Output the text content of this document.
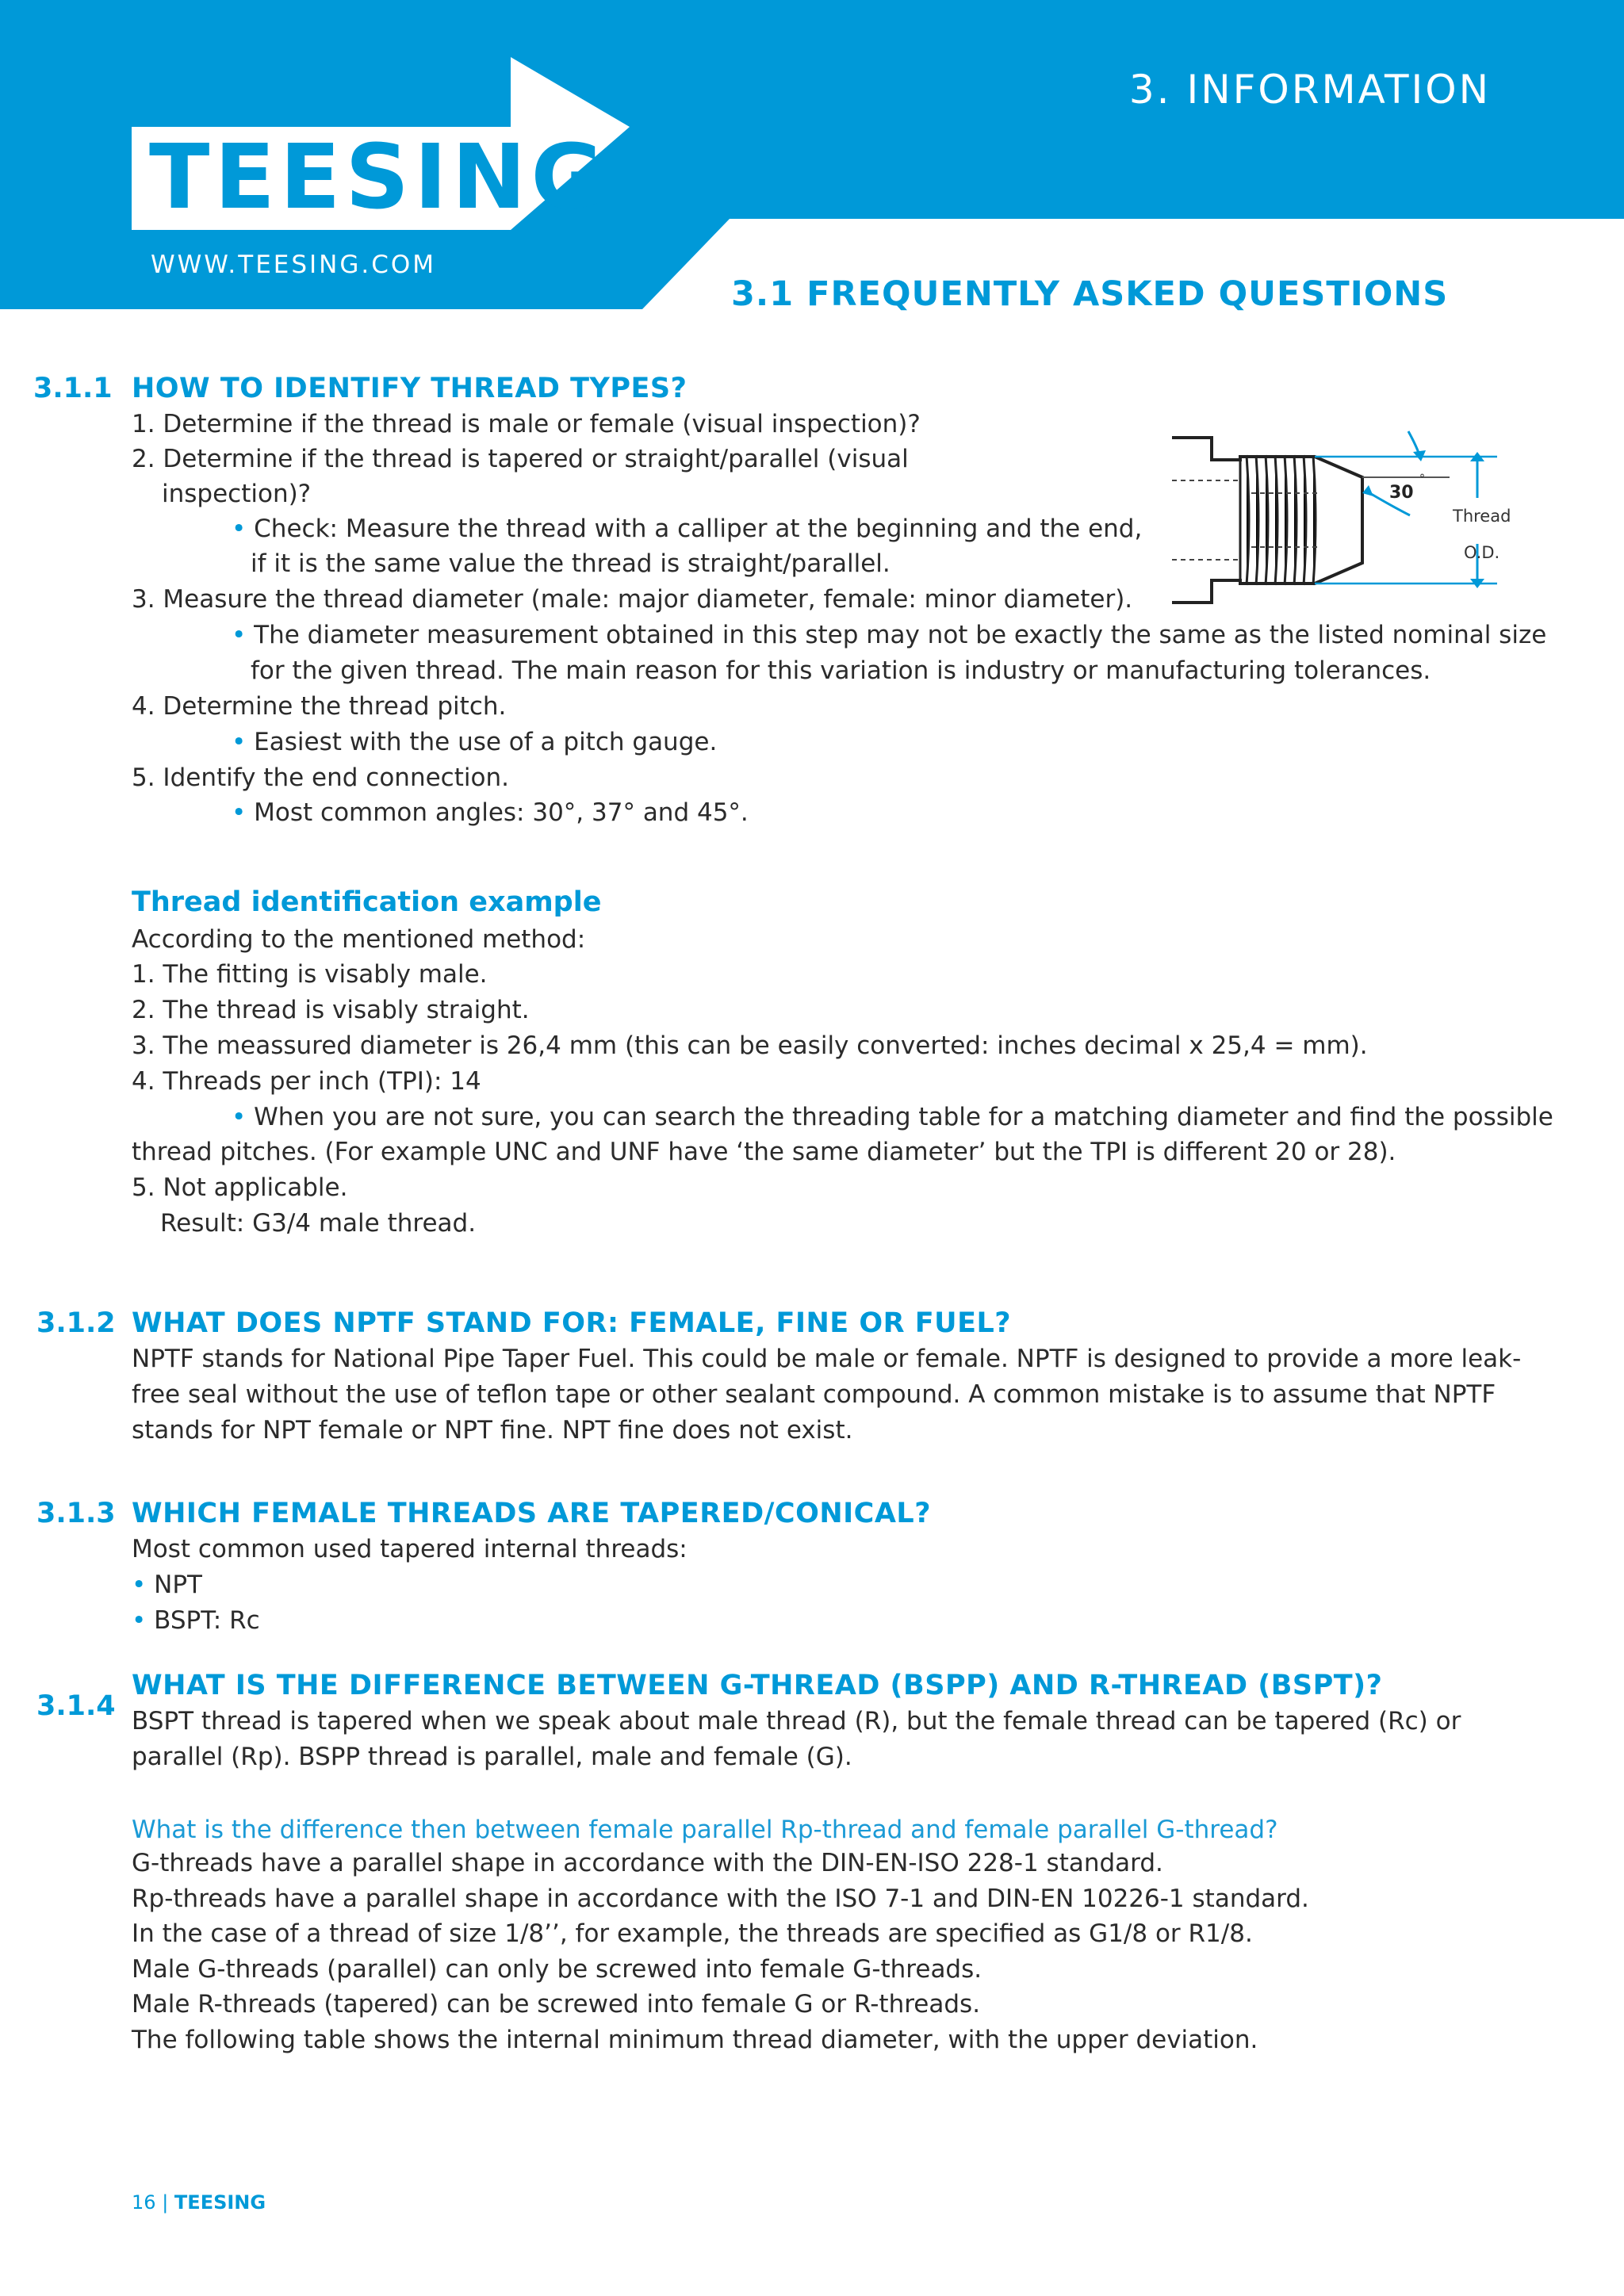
TEESING
WWW.TEESING.COM
3. INFORMATION
3.1 FREQUENTLY ASKED QUESTIONS
3.1.1 HOW TO IDENTIFY THREAD TYPES?
1. Determine if the thread is male or female (visual inspection)?
2. Determine if the thread is tapered or straight/parallel (visual
inspection)?
• Check: Measure the thread with a calliper at the beginning and the end,
if it is the same value the thread is straight/parallel.
3. Measure the thread diameter (male: major diameter, female: minor diameter).
• The diameter measurement obtained in this step may not be exactly the same as the listed nominal size
for the given thread. The main reason for this variation is industry or manufacturing tolerances.
4. Determine the thread pitch.
• Easiest with the use of a pitch gauge.
5. Identify the end connection.
• Most common angles: 30°, 37° and 45°.
30
°
Thread
O.D.
Thread identification example
According to the mentioned method:
1. The fitting is visably male.
2. The thread is visably straight.
3. The meassured diameter is 26,4 mm (this can be easily converted: inches decimal x 25,4 = mm).
4. Threads per inch (TPI): 14
• When you are not sure, you can search the threading table for a matching diameter and find the possible
thread pitches. (For example UNC and UNF have ‘the same diameter’ but the TPI is different 20 or 28).
5. Not applicable.
Result: G3/4 male thread.
3.1.2 WHAT DOES NPTF STAND FOR: FEMALE, FINE OR FUEL?
NPTF stands for National Pipe Taper Fuel. This could be male or female. NPTF is designed to provide a more leak-
free seal without the use of teflon tape or other sealant compound. A common mistake is to assume that NPTF
stands for NPT female or NPT fine. NPT fine does not exist.
3.1.3 WHICH FEMALE THREADS ARE TAPERED/CONICAL?
Most common used tapered internal threads:
• NPT
• BSPT: Rc
3.1.4
WHAT IS THE DIFFERENCE BETWEEN G-THREAD (BSPP) AND R-THREAD (BSPT)?
BSPT thread is tapered when we speak about male thread (R), but the female thread can be tapered (Rc) or
parallel (Rp). BSPP thread is parallel, male and female (G).
What is the difference then between female parallel Rp-thread and female parallel G-thread?
G-threads have a parallel shape in accordance with the DIN-EN-ISO 228-1 standard.
Rp-threads have a parallel shape in accordance with the ISO 7-1 and DIN-EN 10226-1 standard.
In the case of a thread of size 1/8’’, for example, the threads are specified as G1/8 or R1/8.
Male G-threads (parallel) can only be screwed into female G-threads.
Male R-threads (tapered) can be screwed into female G or R-threads.
The following table shows the internal minimum thread diameter, with the upper deviation.
16 | TEESING
